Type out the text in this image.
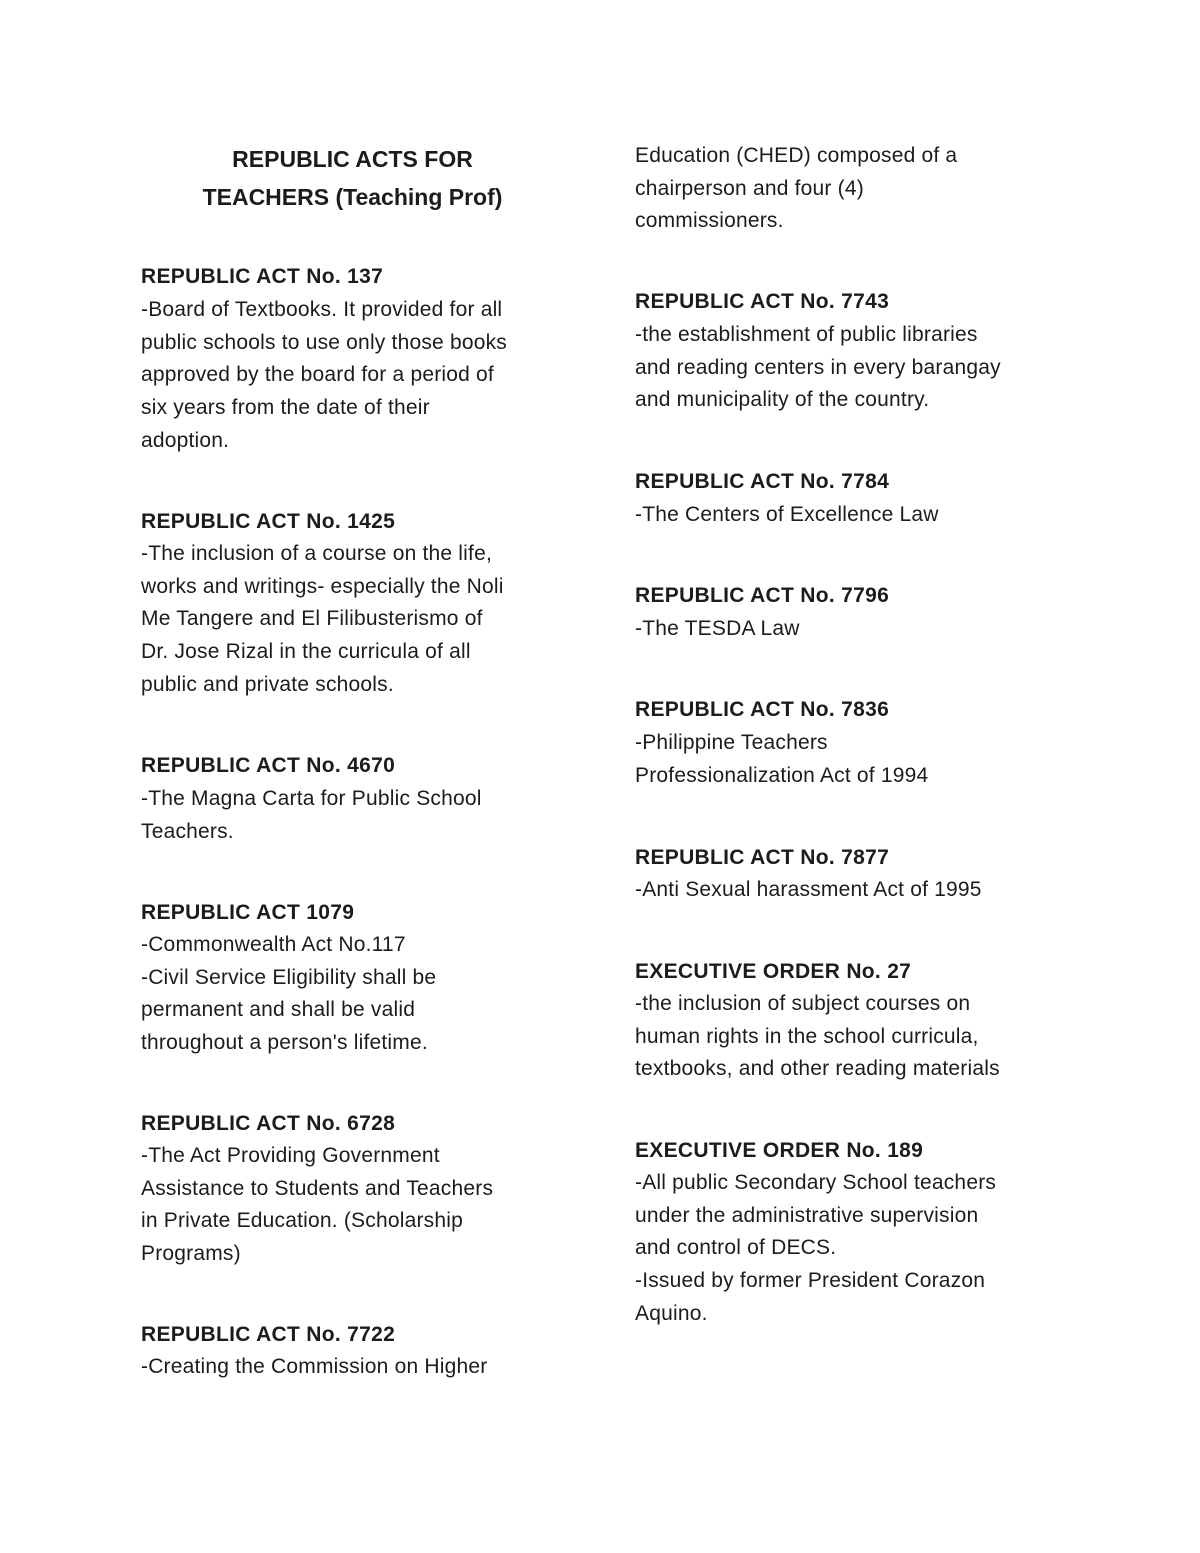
REPUBLIC ACTS FOR
TEACHERS (Teaching Prof)
REPUBLIC ACT No. 137
-Board of Textbooks. It provided for all
public schools to use only those books
approved by the board for a period of
six years from the date of their
adoption.
REPUBLIC ACT No. 1425
-The inclusion of a course on the life,
works and writings- especially the Noli
Me Tangere and El Filibusterismo of
Dr. Jose Rizal in the curricula of all
public and private schools.
REPUBLIC ACT No. 4670
-The Magna Carta for Public School
Teachers.
REPUBLIC ACT 1079
-Commonwealth Act No.117
-Civil Service Eligibility shall be
permanent and shall be valid
throughout a person's lifetime.
REPUBLIC ACT No. 6728
-The Act Providing Government
Assistance to Students and Teachers
in Private Education. (Scholarship
Programs)
REPUBLIC ACT No. 7722
-Creating the Commission on Higher
Education (CHED) composed of a
chairperson and four (4)
commissioners.
REPUBLIC ACT No. 7743
-the establishment of public libraries
and reading centers in every barangay
and municipality of the country.
REPUBLIC ACT No. 7784
-The Centers of Excellence Law
REPUBLIC ACT No. 7796
-The TESDA Law
REPUBLIC ACT No. 7836
-Philippine Teachers
Professionalization Act of 1994
REPUBLIC ACT No. 7877
-Anti Sexual harassment Act of 1995
EXECUTIVE ORDER No. 27
-the inclusion of subject courses on
human rights in the school curricula,
textbooks, and other reading materials
EXECUTIVE ORDER No. 189
-All public Secondary School teachers
under the administrative supervision
and control of DECS.
-Issued by former President Corazon
Aquino.
